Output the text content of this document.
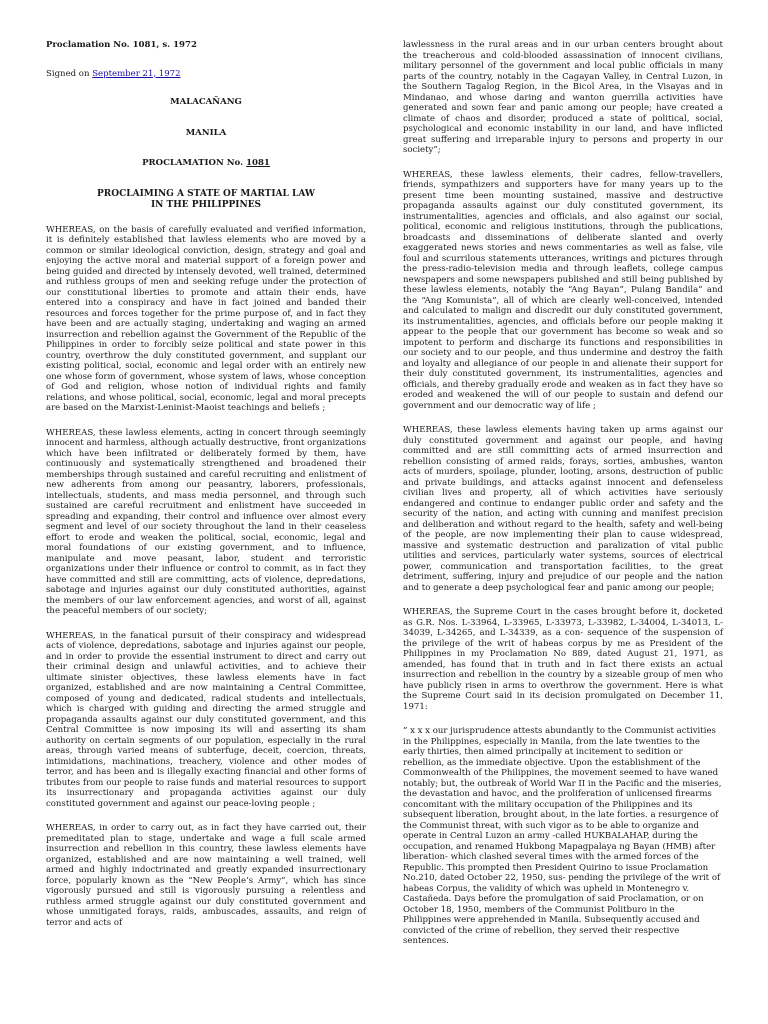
Proclamation No. 1081, s. 1972

Signed on September 21, 1972

MALACAÑANG

MANILA

PROCLAMATION No. 1081

PROCLAIMING A STATE OF MARTIAL LAW IN THE PHILIPPINES

WHEREAS, on the basis of carefully evaluated and verified information, it is definitely established that lawless elements who are moved by a common or similar ideological conviction, design, strategy and goal and enjoying the active moral and material support of a foreign power and being guided and directed by intensely devoted, well trained, determined and ruthless groups of men and seeking refuge under the protection of our constitutional liberties to promote and attain their ends, have entered into a conspiracy and have in fact joined and banded their resources and forces together for the prime purpose of, and in fact they have been and are actually staging, undertaking and waging an armed insurrection and rebellion against the Government of the Republic of the Philippines in order to forcibly seize political and state power in this country, overthrow the duly constituted government, and supplant our existing political, social, economic and legal order with an entirely new one whose form of government, whose system of laws, whose conception of God and religion, whose notion of individual rights and family relations, and whose political, social, economic, legal and moral precepts are based on the Marxist-Leninist-Maoist teachings and beliefs ;

WHEREAS, these lawless elements, acting in concert through seemingly innocent and harmless, although actually destructive, front organizations which have been infiltrated or deliberately formed by them, have continuously and systematically strengthened and broadened their memberships through sustained and careful recruiting and enlistment of new adherents from among our peasantry, laborers, professionals, intellectuals, students, and mass media personnel, and through such sustained are careful recruitment and enlistment have succeeded in spreading and expanding, their control and influence over almost every segment and level of our society throughout the land in their ceaseless effort to erode and weaken the political, social, economic, legal and moral foundations of our existing government, and to influence, manipulate and move peasant, labor, student and terroristic organizations under their influence or control to commit, as in fact they have committed and still are committing, acts of violence, depredations, sabotage and injuries against our duly constituted authorities, against the members of our law enforcement agencies, and worst of all, against the peaceful members of our society;

WHEREAS, in the fanatical pursuit of their conspiracy and widespread acts of violence, depredations, sabotage and injuries against our people, and in order to provide the essential instrument to direct and carry out their criminal design and unlawful activities, and to achieve their ultimate sinister objectives, these lawless elements have in fact organized, established and are now maintaining a Central Committee, composed of young and dedicated, radical students and intellectuals, which is charged with guiding and directing the armed struggle and propaganda assaults against our duly constituted government, and this Central Committee is now imposing its will and asserting its sham authority on certain segments of our population, especially in the rural areas, through varied means of subterfuge, deceit, coercion, threats, intimidations, machinations, treachery, violence and other modes of terror, and has been and is illegally exacting financial and other forms of tributes from our people to raise funds and material resources to support its insurrectionary and propaganda activities against our duly constituted government and against our peace-loving people ;

WHEREAS, in order to carry out, as in fact they have carried out, their premeditated plan to stage, undertake and wage a full scale armed insurrection and rebellion in this country, these lawless elements have organized, established and are now maintaining a well trained, well armed and highly indoctrinated and greatly expanded insurrectionary force, popularly known as the “New People’s Army”, which has since vigorously pursued and still is vigorously pursuing a relentless and ruthless armed struggle against our duly constituted government and whose unmitigated forays, raids, ambuscades, assaults, and reign of terror and acts of

lawlessness in the rural areas and in our urban centers brought about the treacherous and cold-blooded assassination of innocent civilians, military personnel of the government and local public officials in many parts of the country, notably in the Cagayan Valley, in Central Luzon, in the Southern Tagalog Region, in the Bicol Area, in the Visayas and in Mindanao, and whose daring and wanton guerrilla activities have generated and sown fear and panic among our people; have created a climate of chaos and disorder, produced a state of political, social, psychological and economic instability in our land, and have inflicted great suffering and irreparable injury to persons and property in our society”;

WHEREAS, these lawless elements, their cadres, fellow-travellers, friends, sympathizers and supporters have for many years up to the present time been mounting sustained, massive and destructive propaganda assaults against our duly constituted government, its instrumentalities, agencies and officials, and also against our social, political, economic and religious institutions, through the publications, broadcasts and disseminations of deliberate slanted and overly exaggerated news stories and news commentaries as well as false, vile foul and scurrilous statements utterances, writings and pictures through the press-radio-television media and through leaflets, college campus newspapers and some newspapers published and still being published by these lawless elements, notably the “Ang Bayan”, Pulang Bandila” and the “Ang Komunista”, all of which are clearly well-conceived, intended and calculated to malign and discredit our duly constituted government, its instrumentalities, agencies, and officials before our people making it appear to the people that our government has become so weak and so impotent to perform and discharge its functions and responsibilities in our society and to our people, and thus undermine and destroy the faith and loyalty and allegiance of our people in and alienate their support for their duly constituted government, its instrumentalities, agencies and officials, and thereby gradually erode and weaken as in fact they have so eroded and weakened the will of our people to sustain and defend our government and our democratic way of life ;

WHEREAS, these lawless elements having taken up arms against our duly constituted government and against our people, and having committed and are still committing acts of armed insurrection and rebellion consisting of armed raids, forays, sorties, ambushes, wanton acts of murders, spoilage, plunder, looting, arsons, destruction of public and private buildings, and attacks against innocent and defenseless civilian lives and property, all of which activities have seriously endangered and continue to endanger public order and safety and the security of the nation, and acting with cunning and manifest precision and deliberation and without regard to the health, safety and well-being of the people, are now implementing their plan to cause widespread, massive and systematic destruction and paralization of vital public utilities and services, particularly water systems, sources of electrical power, communication and transportation facilities, to the great detriment, suffering, injury and prejudice of our people and the nation and to generate a deep psychological fear and panic among our people;

WHEREAS, the Supreme Court in the cases brought before it, docketed as G.R. Nos. L-33964, L-33965, L-33973, L-33982, L-34004, L-34013, L-34039, L-34265, and L-34339, as a con- sequence of the suspension of the privilege of the writ of habeas corpus by me as President of the Philippines in my Proclamation No 889, dated August 21, 1971, as amended, has found that in truth and in fact there exists an actual insurrection and rebellion in the country by a sizeable group of men who have publicly risen in arms to overthrow the government. Here is what the Supreme Court said in its decision promulgated on December 11, 1971:

” x x x our jurisprudence attests abundantly to the Communist activities in the Philippines, especially in Manila, from the late twenties to the early thirties, then aimed principally at incitement to sedition or rebellion, as the immediate objective. Upon the establishment of the Commonwealth of the Philippines, the movement seemed to have waned notably; but, the outbreak of World War II in the Pacific and the miseries, the devastation and havoc, and the proliferation of unlicensed firearms concomitant with the military occupation of the Philippines and its subsequent liberation, brought about, in the late forties. a resurgence of the Communist threat, with such vigor as to be able to organize and operate in Central Luzon an army -called HUKBALAHAP, during the occupation, and renamed Hukbong Mapagpalaya ng Bayan (HMB) after liberation- which clashed several times with the armed forces of the Republic. This prompted then President Quirino to issue Proclamation No.210, dated October 22, 1950, sus- pending the privilege of the writ of habeas Corpus, the validity of which was upheld in Montenegro v. Castañeda. Days before the promulgation of said Proclamation, or on October 18, 1950, members of the Communist Politburo in the Philippines were apprehended in Manila. Subsequently accused and convicted of the crime of rebellion, they served their respective sentences.
